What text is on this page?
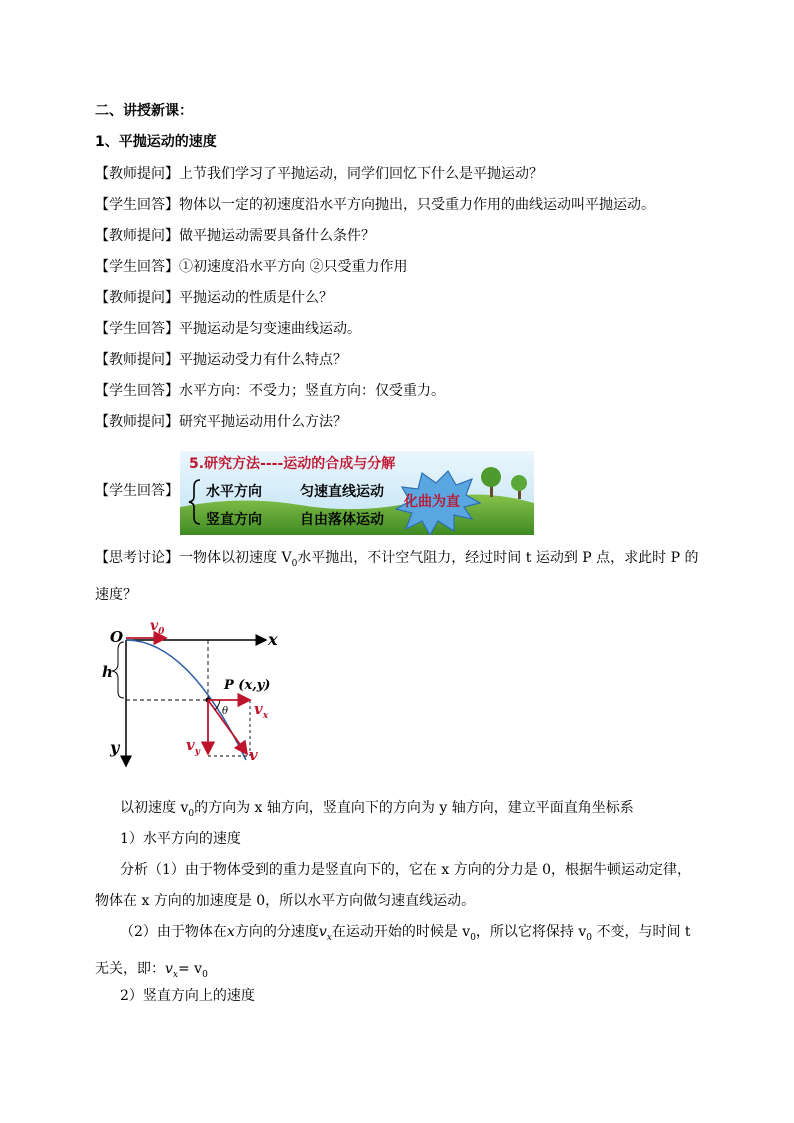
二、讲授新课：
1、平抛运动的速度
【教师提问】上节我们学习了平抛运动，同学们回忆下什么是平抛运动？
【学生回答】物体以一定的初速度沿水平方向抛出，只受重力作用的曲线运动叫平抛运动。
【教师提问】做平抛运动需要具备什么条件？
【学生回答】①初速度沿水平方向 ②只受重力作用
【教师提问】平抛运动的性质是什么？
【学生回答】平抛运动是匀变速曲线运动。
【教师提问】平抛运动受力有什么特点？
【学生回答】水平方向：不受力；竖直方向：仅受重力。
【教师提问】研究平抛运动用什么方法？
【学生回答】
5.研究方法----运动的合成与分解
水平方向	匀速直线运动
竖直方向	自由落体运动
化曲为直
【思考讨论】一物体以初速度 $V_0$水平抛出，不计空气阻力，经过时间 t 运动到 P 点，求此时 P 的速度？
O	x
y
h
$v_0$
P (x,y)
θ $v_x$
$v_y$	v
以初速度 $v_0$的方向为 x 轴方向，竖直向下的方向为 y 轴方向，建立平面直角坐标系
1）水平方向的速度
分析（1）由于物体受到的重力是竖直向下的，它在 x 方向的分力是 0，根据牛顿运动定律，物体在 x 方向的加速度是 0，所以水平方向做匀速直线运动。
（2）由于物体在x方向的分速度$v_x$在运动开始的时候是 $v_0$，所以它将保持 $v_0$ 不变，与时间 t 无关，即：$v_x= v_0$
2）竖直方向上的速度
